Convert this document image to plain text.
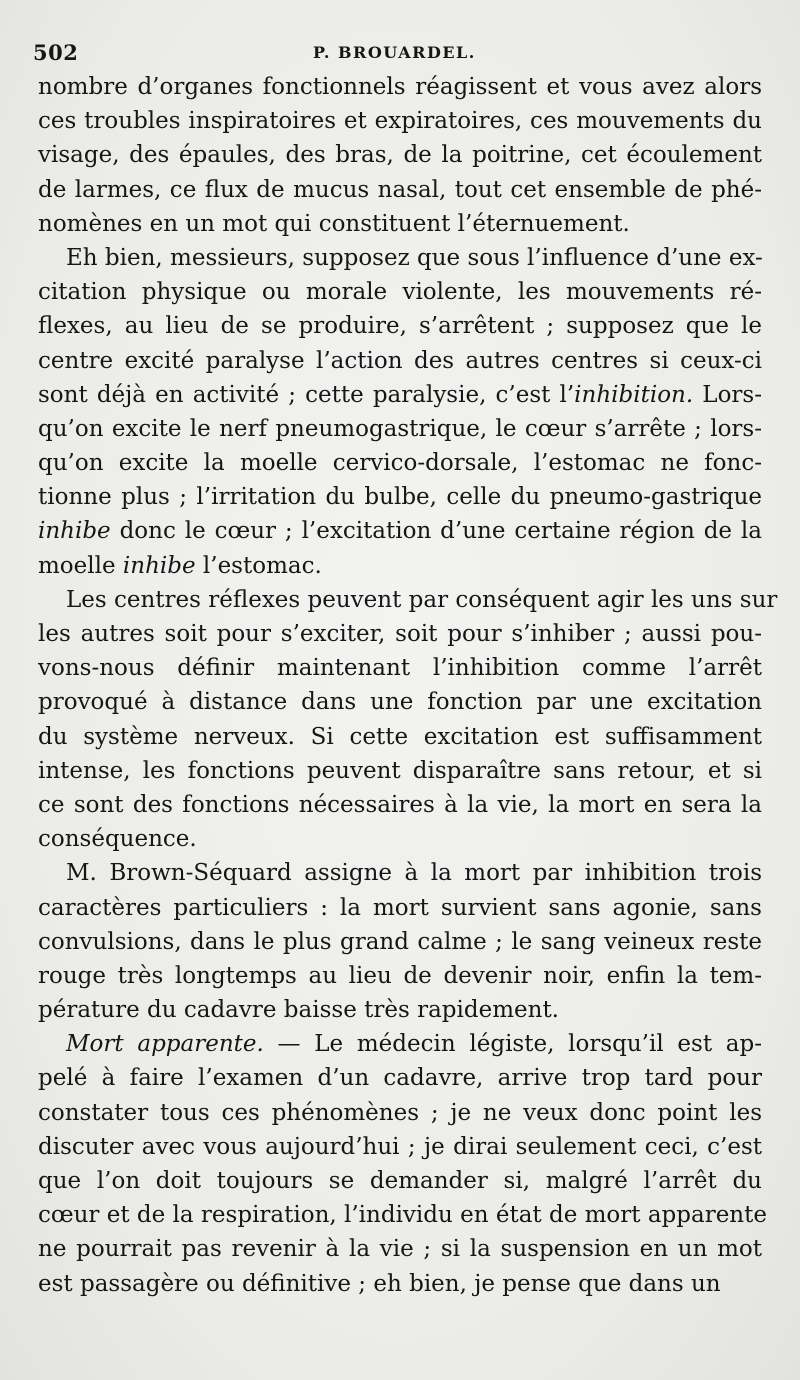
502	P. BROUARDEL.
nombre d’organes fonctionnels réagissent et vous avez alors
ces troubles inspiratoires et expiratoires, ces mouvements du
visage, des épaules, des bras, de la poitrine, cet écoulement
de larmes, ce flux de mucus nasal, tout cet ensemble de phé-
nomènes en un mot qui constituent l’éternuement.
Eh bien, messieurs, supposez que sous l’influence d’une ex-
citation physique ou morale violente, les mouvements ré-
flexes, au lieu de se produire, s’arrêtent ; supposez que le
centre excité paralyse l’action des autres centres si ceux-ci
sont déjà en activité ; cette paralysie, c’est l’inhibition. Lors-
qu’on excite le nerf pneumogastrique, le cœur s’arrête ; lors-
qu’on excite la moelle cervico-dorsale, l’estomac ne fonc-
tionne plus ; l’irritation du bulbe, celle du pneumo-gastrique
inhibe donc le cœur ; l’excitation d’une certaine région de la
moelle inhibe l’estomac.
Les centres réflexes peuvent par conséquent agir les uns sur
les autres soit pour s’exciter, soit pour s’inhiber ; aussi pou-
vons-nous définir maintenant l’inhibition comme l’arrêt
provoqué à distance dans une fonction par une excitation
du système nerveux. Si cette excitation est suffisamment
intense, les fonctions peuvent disparaître sans retour, et si
ce sont des fonctions nécessaires à la vie, la mort en sera la
conséquence.
M. Brown-Séquard assigne à la mort par inhibition trois
caractères particuliers : la mort survient sans agonie, sans
convulsions, dans le plus grand calme ; le sang veineux reste
rouge très longtemps au lieu de devenir noir, enfin la tem-
pérature du cadavre baisse très rapidement.
Mort apparente. — Le médecin légiste, lorsqu’il est ap-
pelé à faire l’examen d’un cadavre, arrive trop tard pour
constater tous ces phénomènes ; je ne veux donc point les
discuter avec vous aujourd’hui ; je dirai seulement ceci, c’est
que l’on doit toujours se demander si, malgré l’arrêt du
cœur et de la respiration, l’individu en état de mort apparente
ne pourrait pas revenir à la vie ; si la suspension en un mot
est passagère ou définitive ; eh bien, je pense que dans un
